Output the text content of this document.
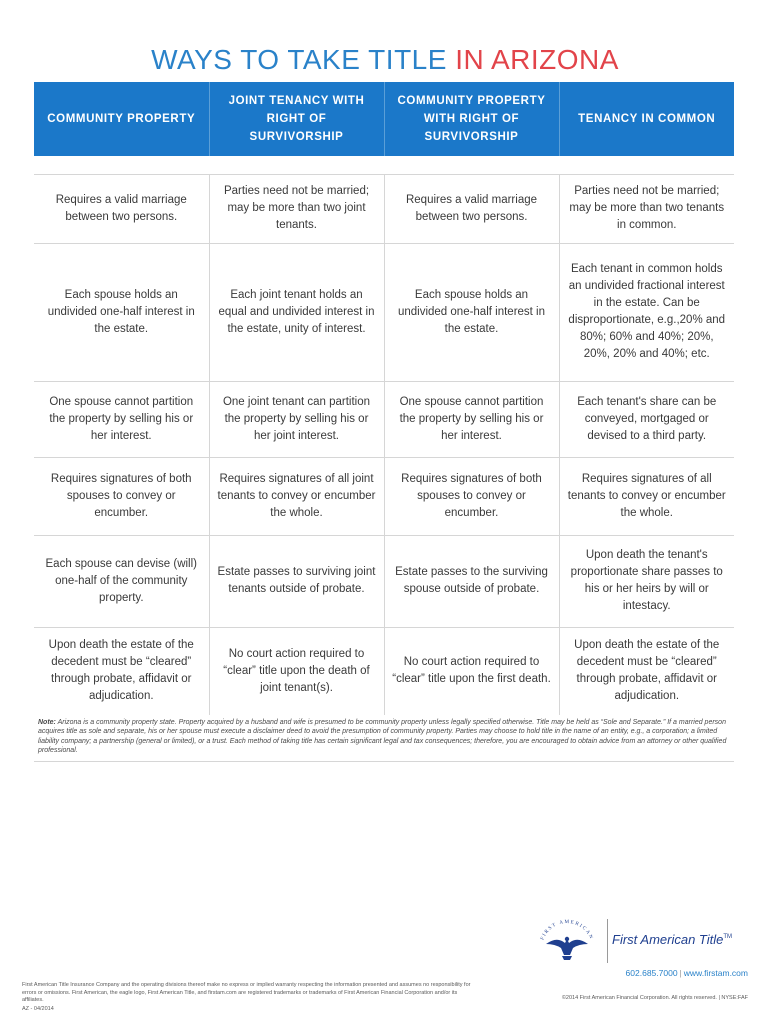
WAYS TO TAKE TITLE IN ARIZONA
COMMUNITY PROPERTY	JOINT TENANCY WITH RIGHT OF SURVIVORSHIP	COMMUNITY PROPERTY WITH RIGHT OF SURVIVORSHIP	TENANCY IN COMMON

Requires a valid marriage between two persons.	Parties need not be married; may be more than two joint tenants.	Requires a valid marriage between two persons.	Parties need not be married; may be more than two tenants in common.
Each spouse holds an undivided one-half interest in the estate.	Each joint tenant holds an equal and undivided interest in the estate, unity of interest.	Each spouse holds an undivided one-half interest in the estate.	Each tenant in common holds an undivided fractional interest in the estate. Can be disproportionate, e.g.,20% and 80%; 60% and 40%; 20%, 20%, 20% and 40%; etc.
One spouse cannot partition the property by selling his or her interest.	One joint tenant can partition the property by selling his or her joint interest.	One spouse cannot partition the property by selling his or her interest.	Each tenant's share can be conveyed, mortgaged or devised to a third party.
Requires signatures of both spouses to convey or encumber.	Requires signatures of all joint tenants to convey or encumber the whole.	Requires signatures of both spouses to convey or encumber.	Requires signatures of all tenants to convey or encumber the whole.
Each spouse can devise (will) one-half of the community property.	Estate passes to surviving joint tenants outside of probate.	Estate passes to the surviving spouse outside of probate.	Upon death the tenant's proportionate share passes to his or her heirs by will or intestacy.
Upon death the estate of the decedent must be “cleared” through probate, affidavit or adjudication.	No court action required to “clear” title upon the death of joint tenant(s).	No court action required to “clear” title upon the first death.	Upon death the estate of the decedent must be “cleared” through probate, affidavit or adjudication.
Note: Arizona is a community property state. Property acquired by a husband and wife is presumed to be community property unless legally specified otherwise. Title may be held as “Sole and Separate.” If a married person acquires title as sole and separate, his or her spouse must execute a disclaimer deed to avoid the presumption of community property. Parties may choose to hold title in the name of an entity, e.g., a corporation; a limited liability company; a partnership (general or limited), or a trust. Each method of taking title has certain significant legal and tax consequences; therefore, you are encouraged to obtain advice from an attorney or other qualified professional.
FIRST AMERICAN First American Title™
602.685.7000 | www.firstam.com
©2014 First American Financial Corporation. All rights reserved. | NYSE:FAF
First American Title Insurance Company and the operating divisions thereof make no express or implied warranty respecting the information presented and assumes no responsibility for errors or omissions. First American, the eagle logo, First American Title, and firstam.com are registered trademarks or trademarks of First American Financial Corporation and/or its affiliates.
AZ - 04/2014
